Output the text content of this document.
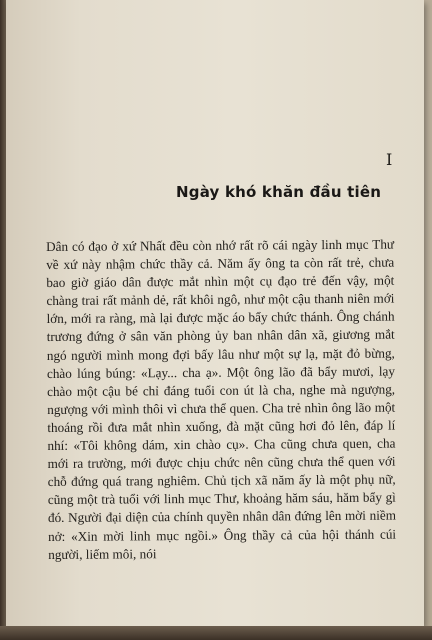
I
Ngày khó khăn đầu tiên
Dân có đạo ở xứ Nhất đều còn nhớ rất rõ cái ngày linh mục Thư về xứ này nhậm chức thầy cả. Năm ấy ông ta còn rất trẻ, chưa bao giờ giáo dân được mắt nhìn một cụ đạo trẻ đến vậy, một chàng trai rất mảnh dẻ, rất khôi ngô, như một cậu thanh niên mới lớn, mới ra ràng, mà lại được mặc áo bẩy chức thánh. Ông chánh trương đứng ở sân văn phòng ủy ban nhân dân xã, giương mắt ngó người mình mong đợi bấy lâu như một sự lạ, mặt đỏ bừng, chào lúng búng: «Lạy... cha ạ». Một ông lão đã bẩy mươi, lạy chào một cậu bé chỉ đáng tuổi con út là cha, nghe mà ngượng, ngượng với mình thôi vì chưa thể quen. Cha trẻ nhìn ông lão một thoáng rồi đưa mắt nhìn xuống, đà mặt cũng hơi đỏ lên, đáp lí nhí: «Tôi không dám, xin chào cụ». Cha cũng chưa quen, cha mới ra trường, mới được chịu chức nên cũng chưa thể quen với chỗ đứng quá trang nghiêm. Chủ tịch xã năm ấy là một phụ nữ, cũng một trà tuổi với linh mục Thư, khoảng hăm sáu, hăm bẩy gì đó. Người đại diện của chính quyền nhân dân đứng lên mời niềm nở: «Xin mời linh mục ngồi.» Ông thầy cả của hội thánh cúi người, liếm môi, nói
